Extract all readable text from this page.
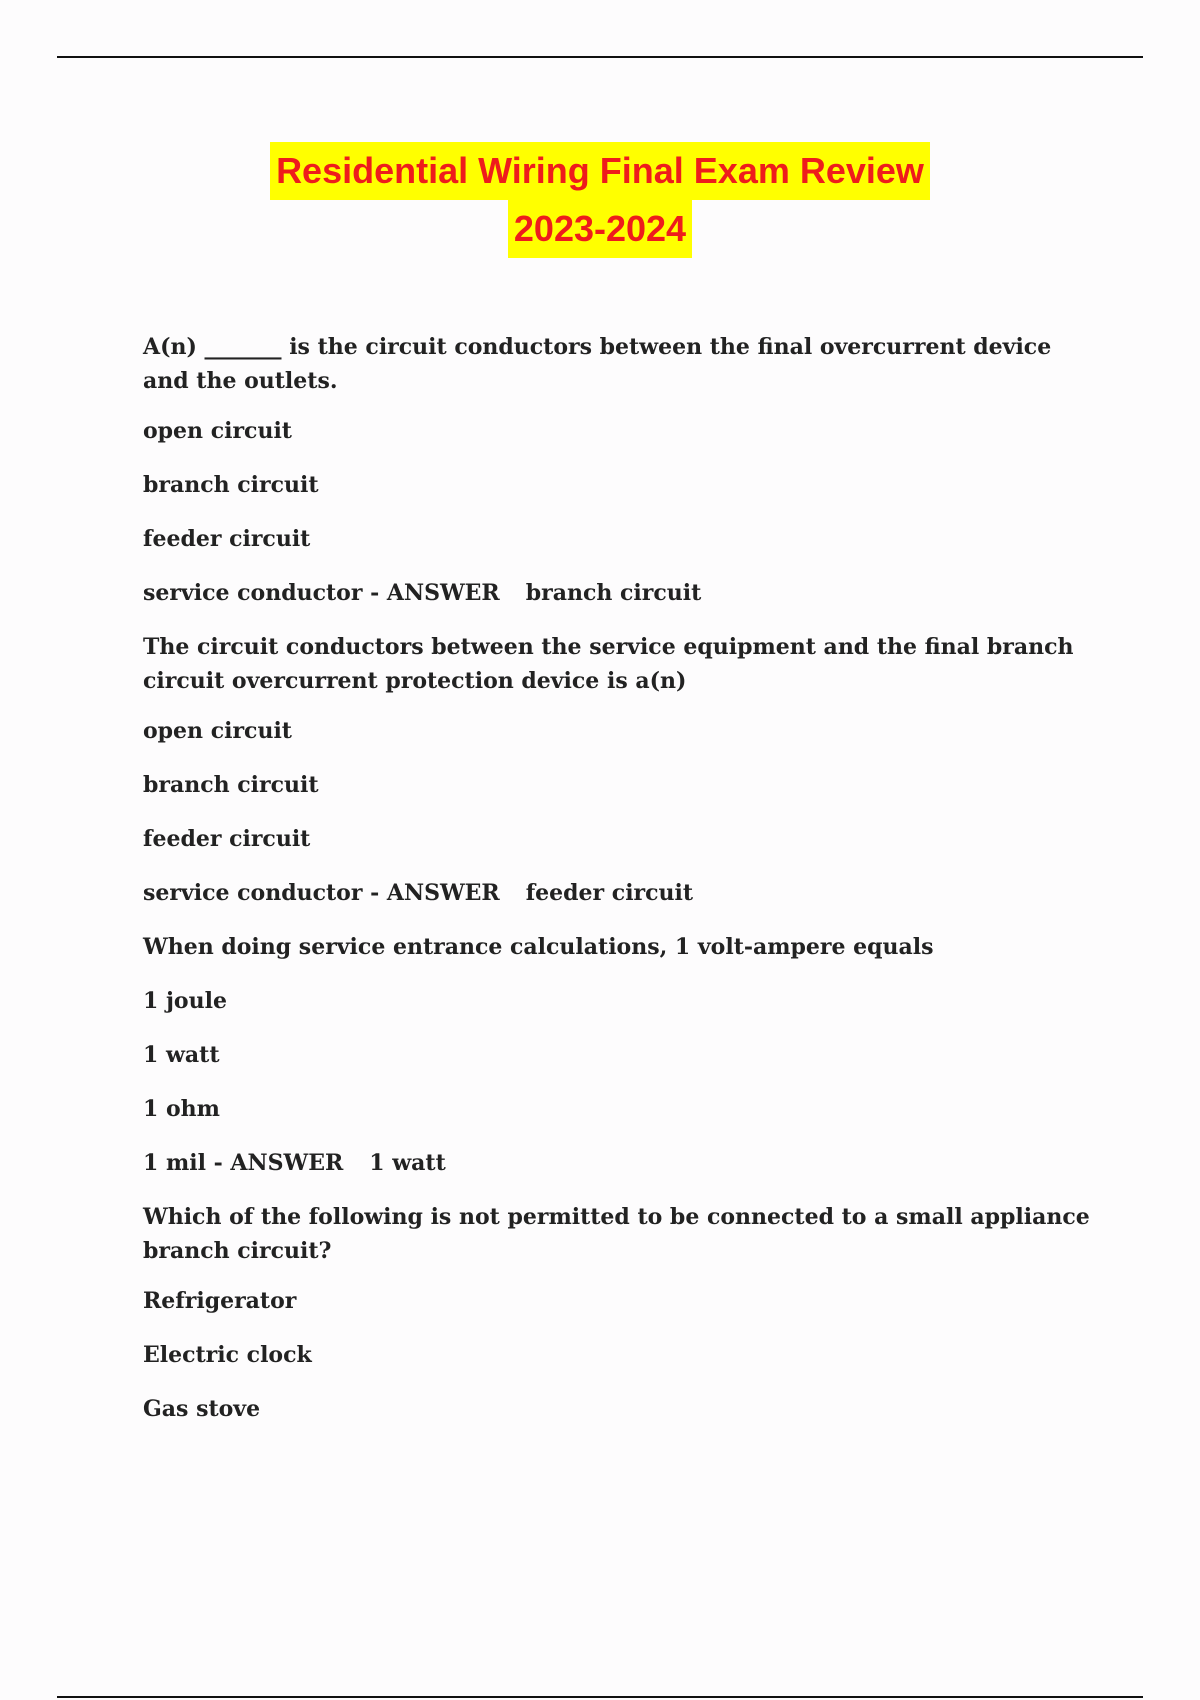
Residential Wiring Final Exam Review
2023-2024
A(n) _______ is the circuit conductors between the final overcurrent device and the outlets.
open circuit
branch circuit
feeder circuit
service conductor - ANSWER branch circuit
The circuit conductors between the service equipment and the final branch circuit overcurrent protection device is a(n)
open circuit
branch circuit
feeder circuit
service conductor - ANSWER feeder circuit
When doing service entrance calculations, 1 volt-ampere equals
1 joule
1 watt
1 ohm
1 mil - ANSWER 1 watt
Which of the following is not permitted to be connected to a small appliance branch circuit?
Refrigerator
Electric clock
Gas stove
